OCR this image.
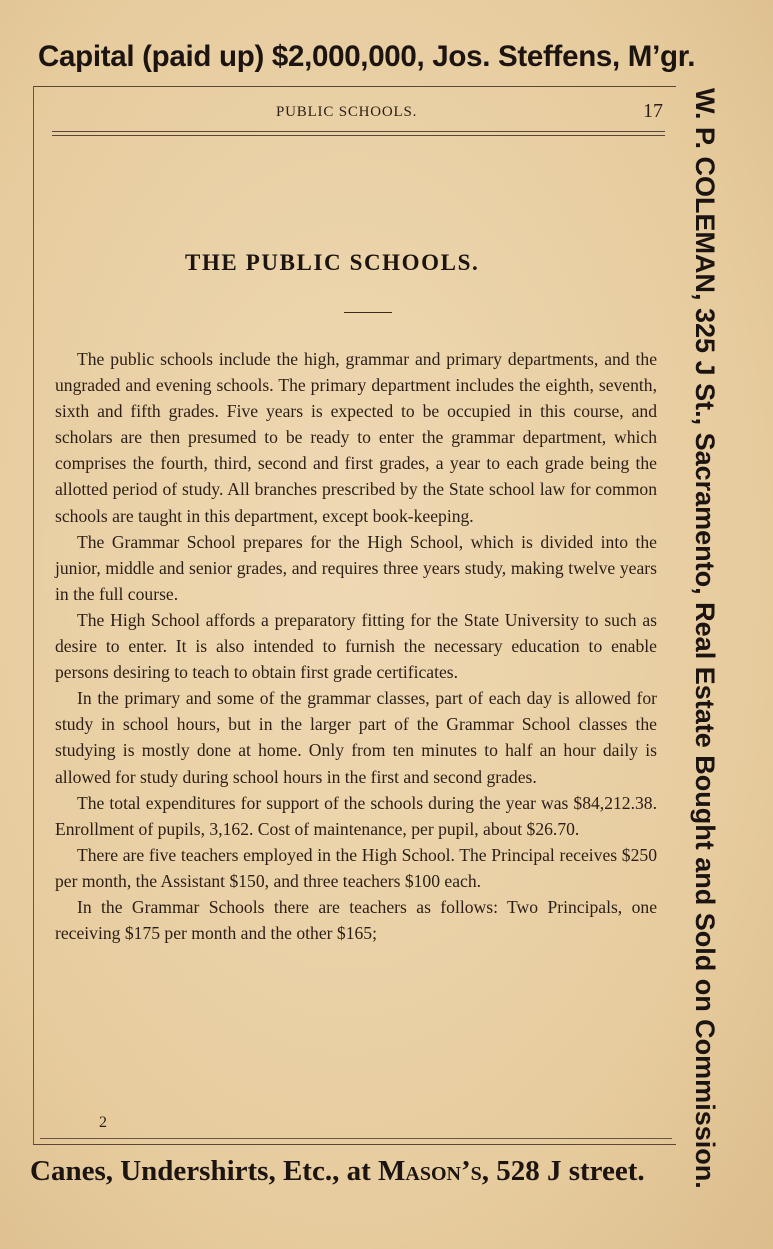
Capital (paid up) $2,000,000, Jos. Steffens, M’gr.
W. P. COLEMAN, 325 J St., Sacramento, Real Estate Bought and Sold on Commission.
PUBLIC SCHOOLS.	17
THE PUBLIC SCHOOLS.

The public schools include the high, grammar and primary departments, and the ungraded and evening schools. The primary department includes the eighth, seventh, sixth and fifth grades. Five years is expected to be occupied in this course, and scholars are then presumed to be ready to enter the grammar department, which comprises the fourth, third, second and first grades, a year to each grade being the allotted period of study. All branches prescribed by the State school law for common schools are taught in this department, except book-keeping.

The Grammar School prepares for the High School, which is divided into the junior, middle and senior grades, and requires three years study, making twelve years in the full course.

The High School affords a preparatory fitting for the State University to such as desire to enter. It is also intended to furnish the necessary education to enable persons desiring to teach to obtain first grade certificates.

In the primary and some of the grammar classes, part of each day is allowed for study in school hours, but in the larger part of the Grammar School classes the studying is mostly done at home. Only from ten minutes to half an hour daily is allowed for study during school hours in the first and second grades.

The total expenditures for support of the schools during the year was $84,212.38. Enrollment of pupils, 3,162. Cost of maintenance, per pupil, about $26.70.

There are five teachers employed in the High School. The Principal receives $250 per month, the Assistant $150, and three teachers $100 each.

In the Grammar Schools there are teachers as follows: Two Principals, one receiving $175 per month and the other $165;

2
Canes, Undershirts, Etc., at Mason’s, 528 J street.
